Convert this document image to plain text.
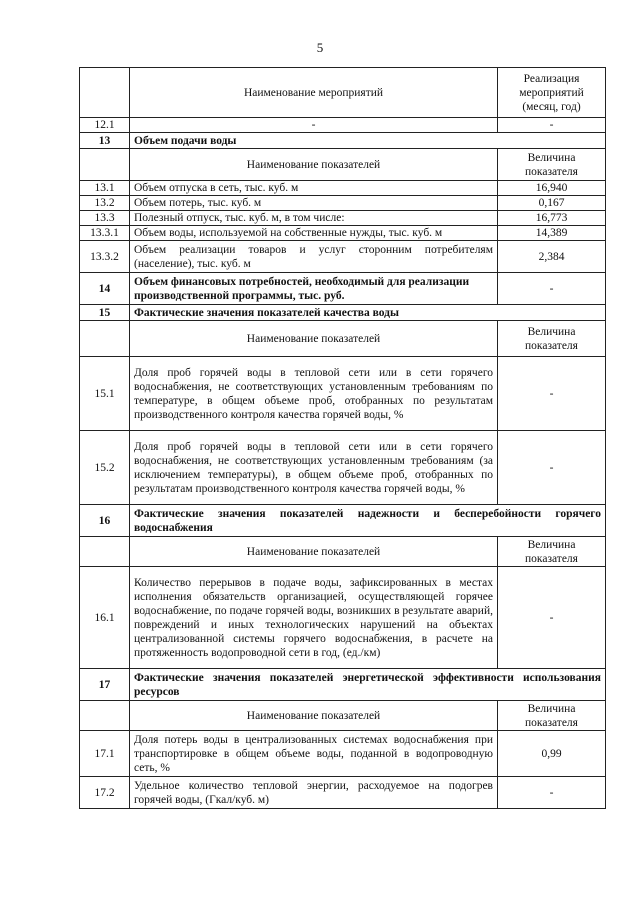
5
	Наименование мероприятий	Реализация мероприятий (месяц, год)
12.1	-	-
13	Объем подачи воды	
	Наименование показателей	Величина показателя
13.1	Объем отпуска в сеть, тыс. куб. м	16,940
13.2	Объем потерь, тыс. куб. м	0,167
13.3	Полезный отпуск, тыс. куб. м, в том числе:	16,773
13.3.1	Объем воды, используемой на собственные нужды, тыс. куб. м	14,389
13.3.2	Объем реализации товаров и услуг сторонним потребителям (население), тыс. куб. м	2,384
14	Объем финансовых потребностей, необходимый для реализации производственной программы, тыс. руб.	-
15	Фактические значения показателей качества воды	
	Наименование показателей	Величина показателя
15.1	Доля проб горячей воды в тепловой сети или в сети горячего водоснабжения, не соответствующих установленным требованиям по температуре, в общем объеме проб, отобранных по результатам производственного контроля качества горячей воды, %	-
15.2	Доля проб горячей воды в тепловой сети или в сети горячего водоснабжения, не соответствующих установленным требованиям (за исключением температуры), в общем объеме проб, отобранных по результатам производственного контроля качества горячей воды, %	-
16	Фактические значения показателей надежности и бесперебойности горячего водоснабжения	
	Наименование показателей	Величина показателя
16.1	Количество перерывов в подаче воды, зафиксированных в местах исполнения обязательств организацией, осуществляющей горячее водоснабжение, по подаче горячей воды, возникших в результате аварий, повреждений и иных технологических нарушений на объектах централизованной системы горячего водоснабжения, в расчете на протяженность водопроводной сети в год, (ед./км)	-
17	Фактические значения показателей энергетической эффективности использования ресурсов	
	Наименование показателей	Величина показателя
17.1	Доля потерь воды в централизованных системах водоснабжения при транспортировке в общем объеме воды, поданной в водопроводную сеть, %	0,99
17.2	Удельное количество тепловой энергии, расходуемое на подогрев горячей воды, (Гкал/куб. м)	-
